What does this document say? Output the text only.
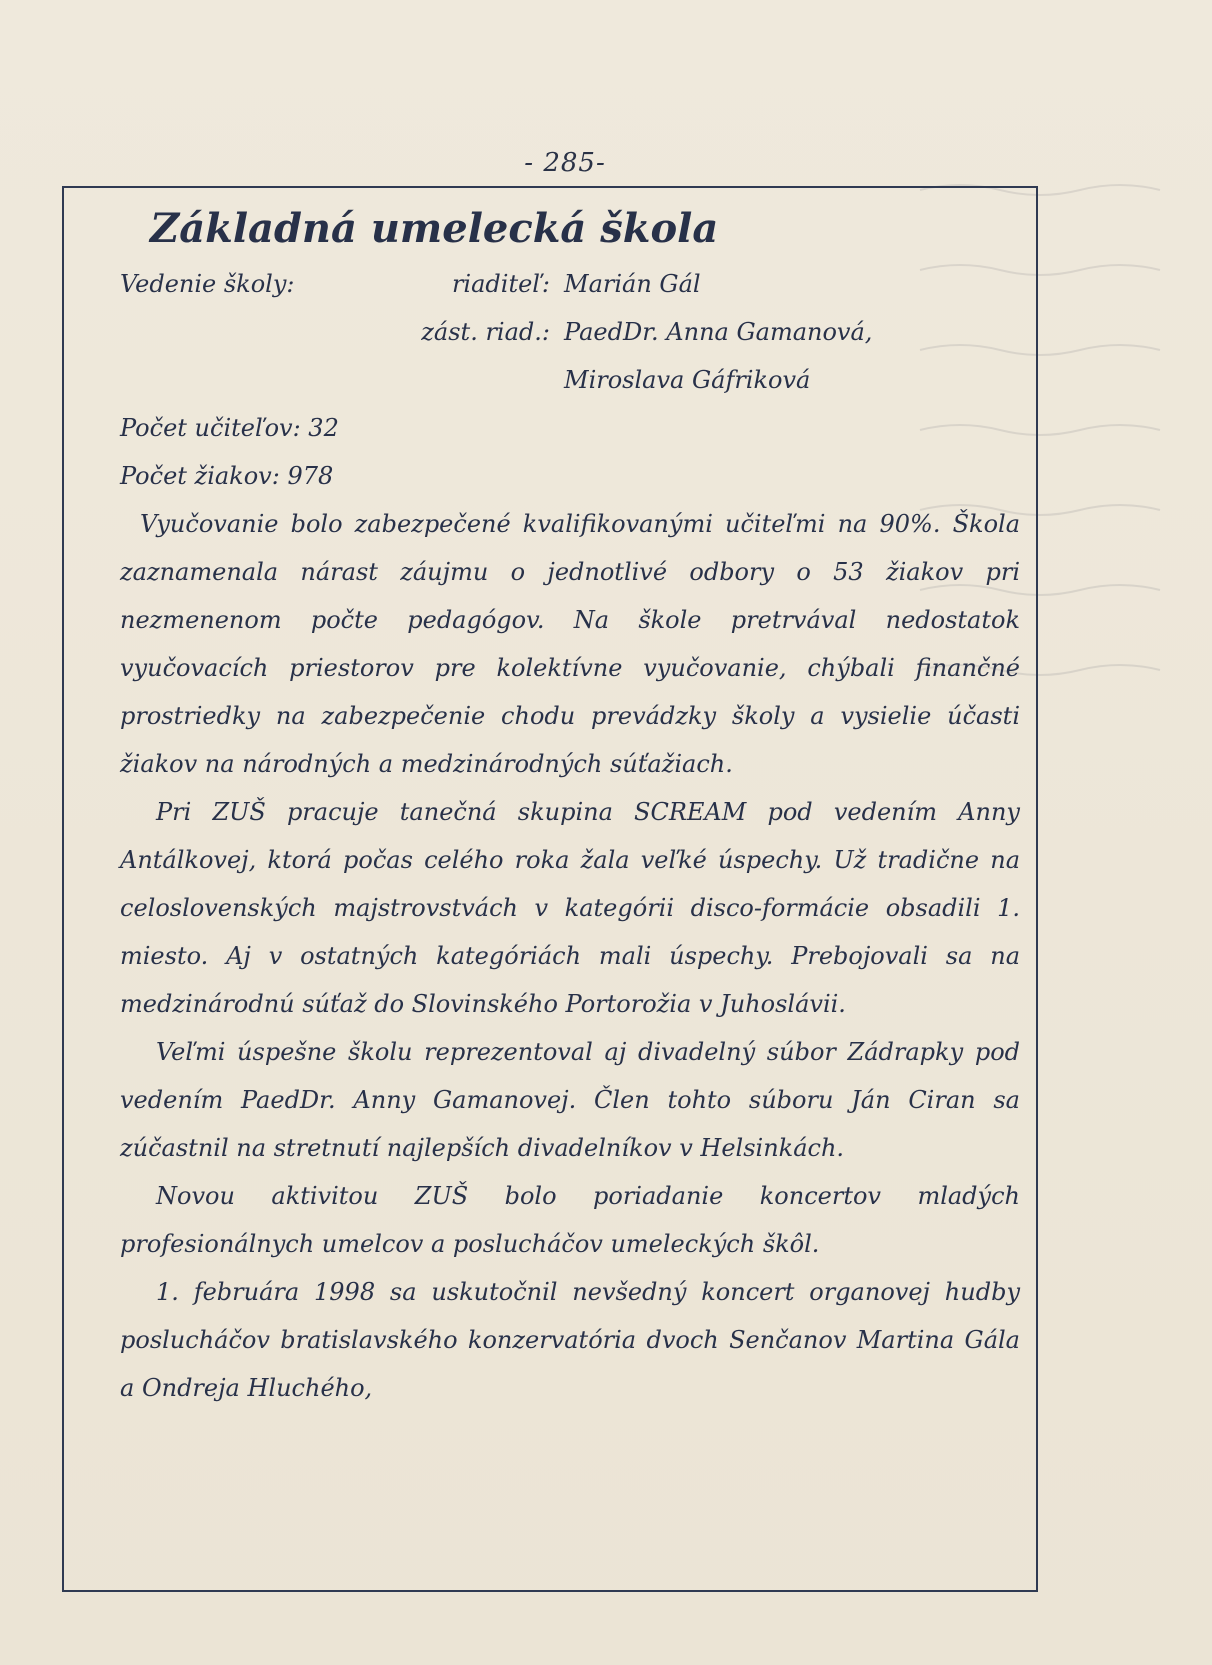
- 285-
Základná umelecká škola
Vedenie školy:	riaditeľ: Marián Gál
zást. riad.: PaedDr. Anna Gamanová,
Miroslava Gáfriková
Počet učiteľov: 32
Počet žiakov: 978

Vyučovanie bolo zabezpečené kvalifikovanými učiteľmi na 90%. Škola zaznamenala nárast záujmu o jednotlivé odbory o 53 žiakov pri nezmenenom počte pedagógov. Na škole pretrvával nedostatok vyučovacích priestorov pre kolektívne vyučovanie, chýbali finančné prostriedky na zabezpečenie chodu prevádzky školy a vysielie účasti žiakov na národných a medzinárodných súťažiach.

Pri ZUŠ pracuje tanečná skupina SCREAM pod vedením Anny Antálkovej, ktorá počas celého roka žala veľké úspechy. Už tradične na celoslovenských majstrovstvách v kategórii disco-formácie obsadili 1. miesto. Aj v ostatných kategóriách mali úspechy. Prebojovali sa na medzinárodnú súťaž do Slovinského Portorožia v Juhoslávii.

Veľmi úspešne školu reprezentoval aj divadelný súbor Zádrapky pod vedením PaedDr. Anny Gamanovej. Člen tohto súboru Ján Ciran sa zúčastnil na stretnutí najlepších divadelníkov v Helsinkách.

Novou aktivitou ZUŠ bolo poriadanie koncertov mladých profesionálnych umelcov a poslucháčov umeleckých škôl.

1. februára 1998 sa uskutočnil nevšedný koncert organovej hudby poslucháčov bratislavského konzervatória dvoch Senčanov Martina Gála a Ondreja Hluchého,
